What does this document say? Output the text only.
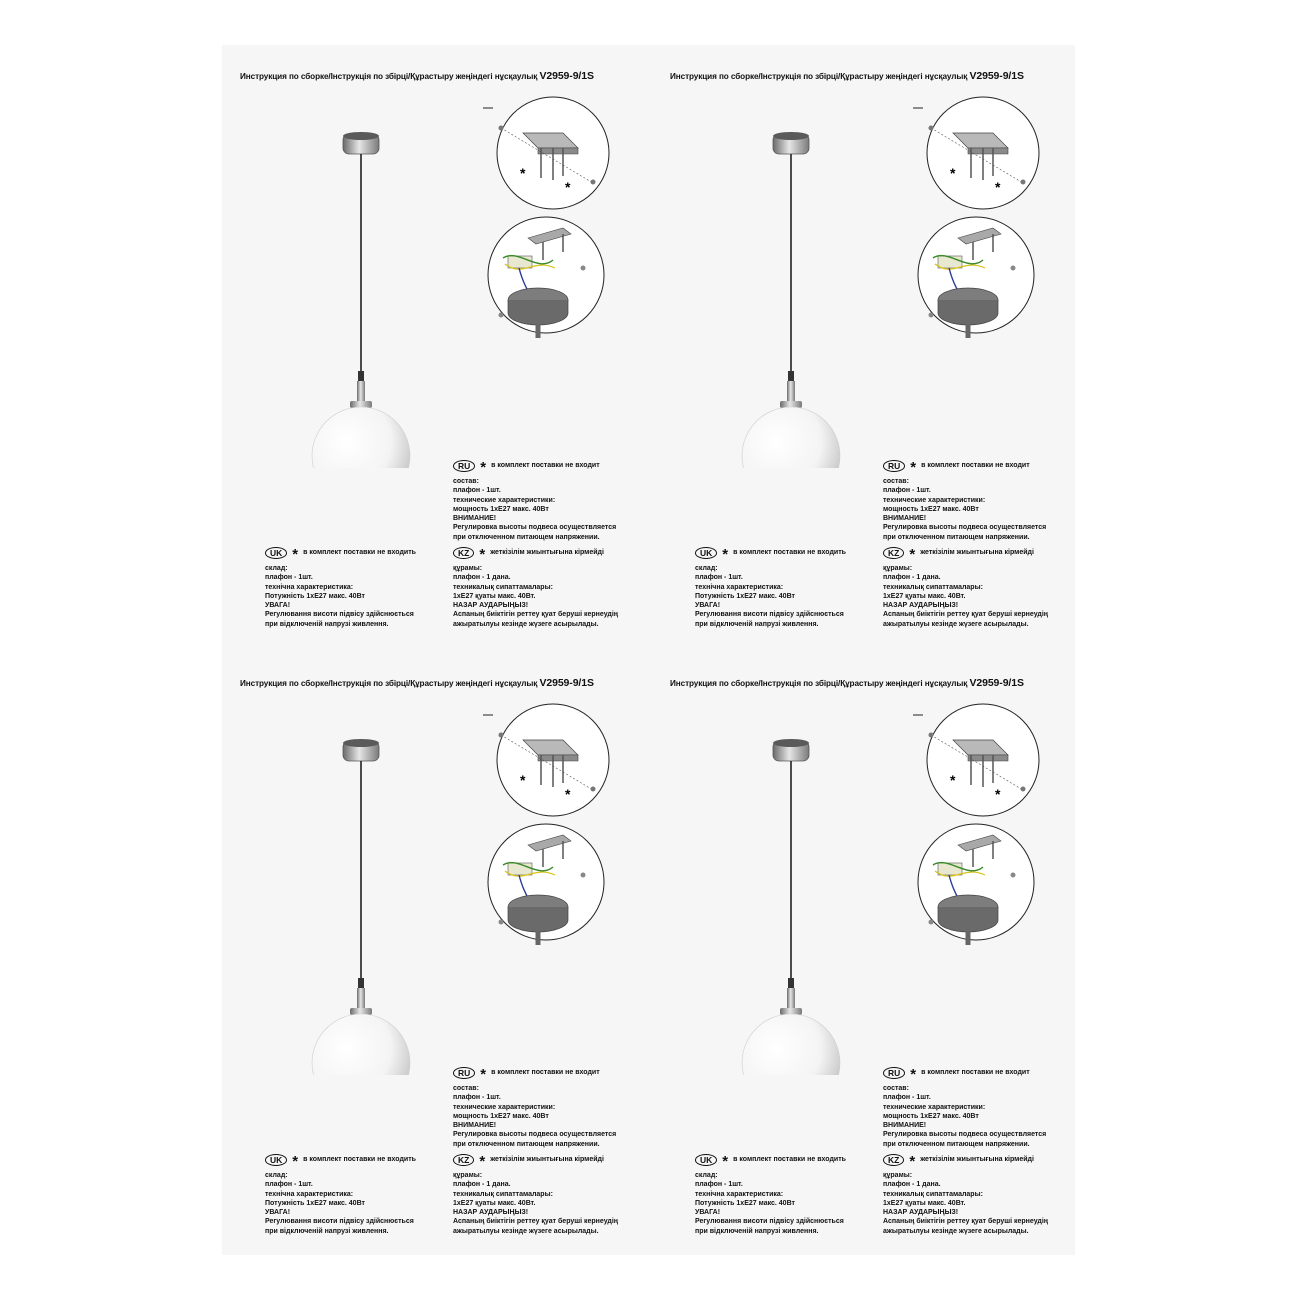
Инструкция по сборке/Інструкція по збірці/Құрастыру жеңіндегі нұсқаулық V2959-9/1S
*
*
RU * в комплект поставки не входит
состав:
плафон - 1шт.
технические характеристики:
мощность 1хЕ27 макс. 40Вт
ВНИМАНИЕ!
Регулировка высоты подвеса осуществляется
при отключенном питающем напряжении.
UK * в комплект поставки не входить
склад:
плафон - 1шт.
технічна характеристика:
Потужність 1хЕ27 макс. 40Вт
УВАГА!
Регулювання висоти підвісу здійснюється
при відключеній напрузі живлення.
KZ * жеткізілім жиынтығына кірмейді
құрамы:
плафон - 1 дана.
техникалық сипаттамалары:
1хЕ27 қуаты макс. 40Вт.
НАЗАР АУДАРЫҢЫЗ!
Аспаның биіктігін реттеу қуат беруші кернеудің
ажыратылуы кезінде жүзеге асырылады.
Инструкция по сборке/Інструкція по збірці/Құрастыру жеңіндегі нұсқаулық V2959-9/1S
*
*
RU * в комплект поставки не входит
состав:
плафон - 1шт.
технические характеристики:
мощность 1хЕ27 макс. 40Вт
ВНИМАНИЕ!
Регулировка высоты подвеса осуществляется
при отключенном питающем напряжении.
UK * в комплект поставки не входить
склад:
плафон - 1шт.
технічна характеристика:
Потужність 1хЕ27 макс. 40Вт
УВАГА!
Регулювання висоти підвісу здійснюється
при відключеній напрузі живлення.
KZ * жеткізілім жиынтығына кірмейді
құрамы:
плафон - 1 дана.
техникалық сипаттамалары:
1хЕ27 қуаты макс. 40Вт.
НАЗАР АУДАРЫҢЫЗ!
Аспаның биіктігін реттеу қуат беруші кернеудің
ажыратылуы кезінде жүзеге асырылады.
Инструкция по сборке/Інструкція по збірці/Құрастыру жеңіндегі нұсқаулық V2959-9/1S
*
*
RU * в комплект поставки не входит
состав:
плафон - 1шт.
технические характеристики:
мощность 1хЕ27 макс. 40Вт
ВНИМАНИЕ!
Регулировка высоты подвеса осуществляется
при отключенном питающем напряжении.
UK * в комплект поставки не входить
склад:
плафон - 1шт.
технічна характеристика:
Потужність 1хЕ27 макс. 40Вт
УВАГА!
Регулювання висоти підвісу здійснюється
при відключеній напрузі живлення.
KZ * жеткізілім жиынтығына кірмейді
құрамы:
плафон - 1 дана.
техникалық сипаттамалары:
1хЕ27 қуаты макс. 40Вт.
НАЗАР АУДАРЫҢЫЗ!
Аспаның биіктігін реттеу қуат беруші кернеудің
ажыратылуы кезінде жүзеге асырылады.
Инструкция по сборке/Інструкція по збірці/Құрастыру жеңіндегі нұсқаулық V2959-9/1S
*
*
RU * в комплект поставки не входит
состав:
плафон - 1шт.
технические характеристики:
мощность 1хЕ27 макс. 40Вт
ВНИМАНИЕ!
Регулировка высоты подвеса осуществляется
при отключенном питающем напряжении.
UK * в комплект поставки не входить
склад:
плафон - 1шт.
технічна характеристика:
Потужність 1хЕ27 макс. 40Вт
УВАГА!
Регулювання висоти підвісу здійснюється
при відключеній напрузі живлення.
KZ * жеткізілім жиынтығына кірмейді
құрамы:
плафон - 1 дана.
техникалық сипаттамалары:
1хЕ27 қуаты макс. 40Вт.
НАЗАР АУДАРЫҢЫЗ!
Аспаның биіктігін реттеу қуат беруші кернеудің
ажыратылуы кезінде жүзеге асырылады.
